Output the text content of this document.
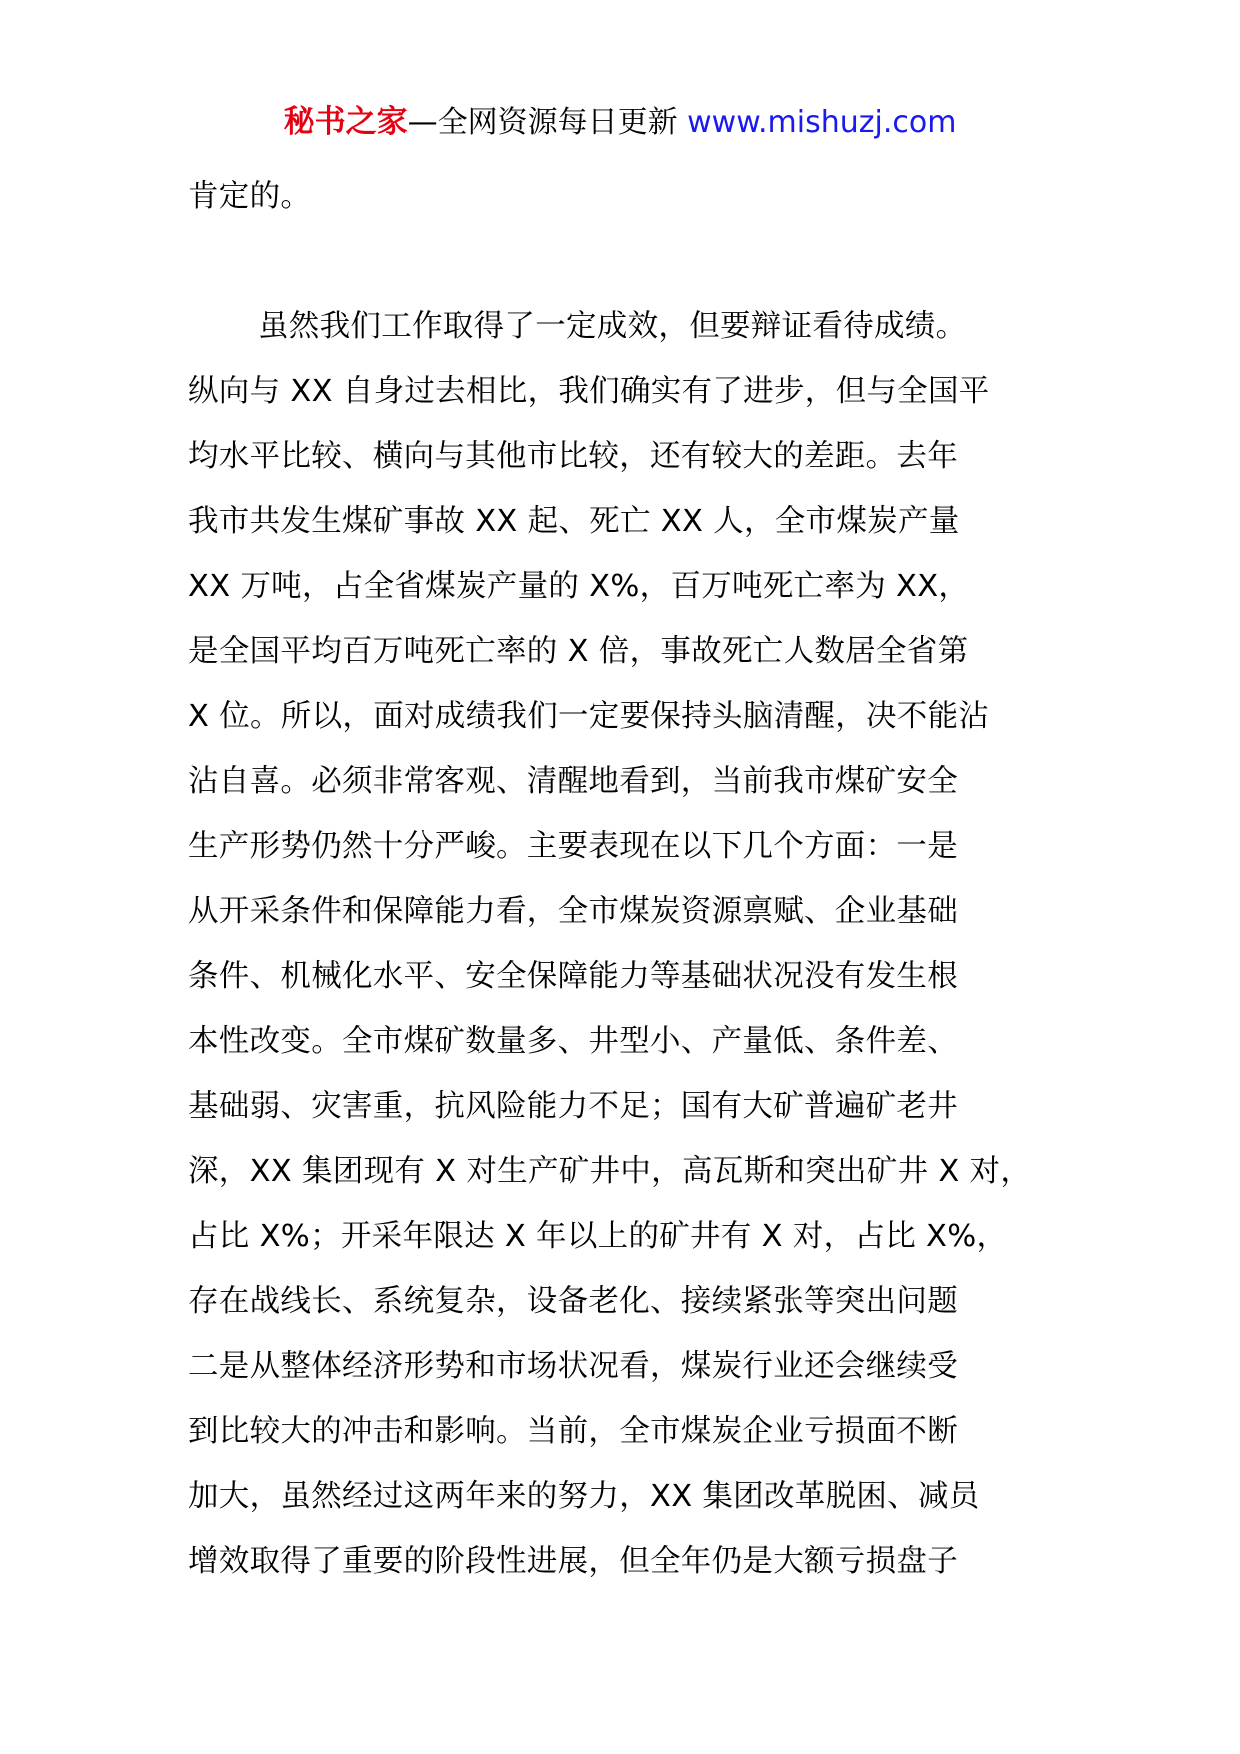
秘书之家—全网资源每日更新 www.mishuzj.com
肯定的。
虽然我们工作取得了一定成效，但要辩证看待成绩。
纵向与 XX 自身过去相比，我们确实有了进步，但与全国平
均水平比较、横向与其他市比较，还有较大的差距。去年
我市共发生煤矿事故 XX 起、死亡 XX 人，全市煤炭产量
XX 万吨，占全省煤炭产量的 X%，百万吨死亡率为 XX，
是全国平均百万吨死亡率的 X 倍，事故死亡人数居全省第
X 位。所以，面对成绩我们一定要保持头脑清醒，决不能沾
沾自喜。必须非常客观、清醒地看到，当前我市煤矿安全
生产形势仍然十分严峻。主要表现在以下几个方面：一是
从开采条件和保障能力看，全市煤炭资源禀赋、企业基础
条件、机械化水平、安全保障能力等基础状况没有发生根
本性改变。全市煤矿数量多、井型小、产量低、条件差、
基础弱、灾害重，抗风险能力不足；国有大矿普遍矿老井
深，XX 集团现有 X 对生产矿井中，高瓦斯和突出矿井 X 对，
占比 X%；开采年限达 X 年以上的矿井有 X 对，占比 X%，
存在战线长、系统复杂，设备老化、接续紧张等突出问题
二是从整体经济形势和市场状况看，煤炭行业还会继续受
到比较大的冲击和影响。当前，全市煤炭企业亏损面不断
加大，虽然经过这两年来的努力，XX 集团改革脱困、减员
增效取得了重要的阶段性进展，但全年仍是大额亏损盘子
